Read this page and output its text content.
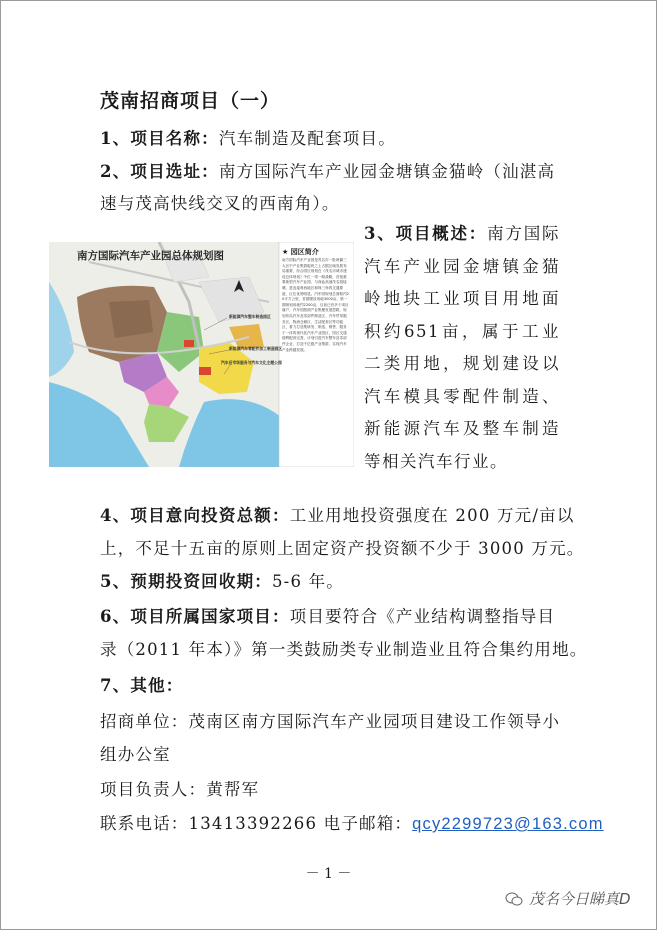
茂南招商项目（一）
1、项目名称：汽车制造及配套项目。
2、项目选址：南方国际汽车产业园金塘镇金猫岭（汕湛高
速与茂高快线交叉的西南角）。
南方国际汽车产业园总体规划图	★ 园区简介
南方国际汽车产业园是茂名市一批两翼三大区中产业集群板块之上占据区域发展布局重要，综合园区规划在《茂名市城市建设总体规划》中位一带一路战略，首批重要新型汽车产业园，与深汕高速茂名段接壤，是连接粤西地区和珠三角的交通要道，区位优势明显。汽车园规划总面积约20平方公里，首期建设用地3000亩，第一期规划用地约2200亩，目前已有多个项目落户，汽车园按照产业集聚发展思路，规划布局汽车及零部件制造区、汽车贸易服务区、物流仓储区、生活配套区等功能区，着力打造集研发、制造、销售、服务于一体的现代化汽车产业园区，园区交通便利配套完善，计划引进汽车整车及零部件企业，打造千亿级产业集群，实现汽车产业跨越发展。
新能源汽车整车制造园区
新能源汽车零配件加工制造园区
汽车后市场服务与汽车文化主题公园
3、项目概述：南方国际汽车产业园金塘镇金猫岭地块工业项目用地面积约651亩，属于工业二类用地，规划建设以汽车模具零配件制造、新能源汽车及整车制造等相关汽车行业。
4、项目意向投资总额：工业用地投资强度在 200 万元/亩以
上，不足十五亩的原则上固定资产投资额不少于 3000 万元。
5、预期投资回收期：5-6 年。
6、项目所属国家项目：项目要符合《产业结构调整指导目
录（2011 年本）》第一类鼓励类专业制造业且符合集约用地。
7、其他：
招商单位：茂南区南方国际汽车产业园项目建设工作领导小
组办公室
项目负责人：黄帮军
联系电话：13413392266 电子邮箱：qcy2299723@163.com
－ 1 －
茂名今日睇真D
